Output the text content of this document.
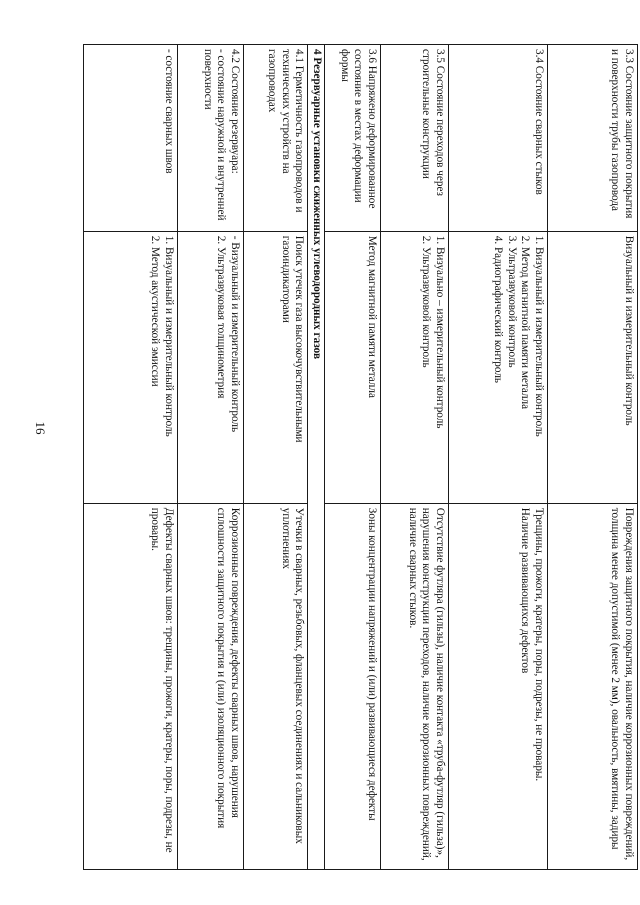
16
3.3 Состояние защитного покрытия и поверхности трубы газопровода	Визуальный и измерительный контроль	Повреждения защитного покрытия, наличие коррозионных повреждений, толщина менее допустимой (менее 2 мм), овальность, вмятины, задиры
3.4 Состояние сварных стыков	1. Визуальный и измерительный контроль
2. Метод магнитной памяти металла
3. Ультразвуковой контроль
4. Радиографический контроль	Трещины, прожоги, кратеры, поры, подрезы, не провары.
Наличие развивающихся дефектов

3.5 Состояние переходов через строительные конструкции	1. Визуально – измерительный контроль
2. Ультразвуковой контроль	Отсутствие футляра (гильзы), наличие контакта «труба-футляр (гильза)», нарушения конструкции переходов, наличие коррозионных повреждений, наличие сварных стыков.
3.6 Напряжено деформированное состояние в местах деформации формы	Метод магнитной памяти металла	Зоны концентрации напряжений и (или) развивающиеся дефекты
4 Резервуарные установки сжиженных углеводородных газов		
4.1 Герметичность газопроводов и технических устройств на газопроводах	Поиск утечек газа высокочувствительными газоиндикаторами	Утечки в сварных, резьбовых, фланцевых соединениях и сальниковых уплотнениях

4.2 Состояние резервуара:
- состояние наружной и внутренней поверхности	- Визуальный и измерительный контроль
2. Ультразвуковая толщинометрия	Коррозионные повреждения, дефекты сварных швов, нарушения сплошности защитного покрытия и (или) изоляционного покрытия
- состояние сварных швов	1. Визуальный и измерительный контроль
2. Метод акустической эмиссии	Дефекты сварных швов: трещины, прожоги, кратеры, поры, подрезы, не провары.
